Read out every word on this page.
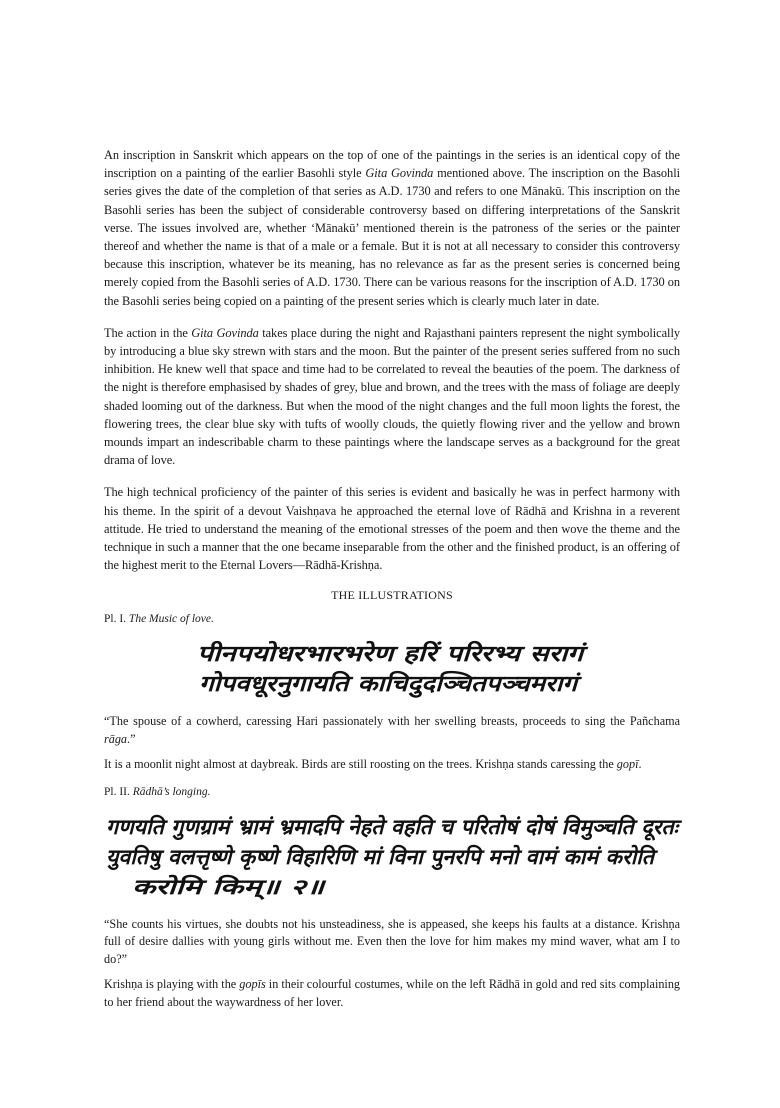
An inscription in Sanskrit which appears on the top of one of the paintings in the series is an identical copy of the inscription on a painting of the earlier Basohli style Gita Govinda mentioned above. The inscription on the Basohli series gives the date of the completion of that series as A.D. 1730 and refers to one Mānakū. This inscription on the Basohli series has been the subject of considerable controversy based on differing interpretations of the Sanskrit verse. The issues involved are, whether ‘Mānakū’ mentioned therein is the patroness of the series or the painter thereof and whether the name is that of a male or a female. But it is not at all necessary to consider this controversy because this inscription, whatever be its meaning, has no relevance as far as the present series is concerned being merely copied from the Basohli series of A.D. 1730. There can be various reasons for the inscription of A.D. 1730 on the Basohli series being copied on a painting of the present series which is clearly much later in date.

The action in the Gita Govinda takes place during the night and Rajasthani painters represent the night symbolically by introducing a blue sky strewn with stars and the moon. But the painter of the present series suffered from no such inhibition. He knew well that space and time had to be correlated to reveal the beauties of the poem. The darkness of the night is therefore emphasised by shades of grey, blue and brown, and the trees with the mass of foliage are deeply shaded looming out of the darkness. But when the mood of the night changes and the full moon lights the forest, the flowering trees, the clear blue sky with tufts of woolly clouds, the quietly flowing river and the yellow and brown mounds impart an indescribable charm to these paintings where the landscape serves as a background for the great drama of love.

The high technical proficiency of the painter of this series is evident and basically he was in perfect harmony with his theme. In the spirit of a devout Vaishṇava he approached the eternal love of Rādhā and Krishna in a reverent attitude. He tried to understand the meaning of the emotional stresses of the poem and then wove the theme and the technique in such a manner that the one became inseparable from the other and the finished product, is an offering of the highest merit to the Eternal Lovers—Rādhā-Krishṇa.

THE ILLUSTRATIONS
Pl. I. The Music of love.
पीनपयोधरभारभरेण हरिं परिरभ्य सरागं
गोपवधूरनुगायति काचिदुदञ्चितपञ्चमरागं

“The spouse of a cowherd, caressing Hari passionately with her swelling breasts, proceeds to sing the Pañchama rāga.”

It is a moonlit night almost at daybreak. Birds are still roosting on the trees. Krishṇa stands caressing the gopī.

Pl. II. Rādhā’s longing.
गणयति गुणग्रामं भ्रामं भ्रमादपि नेहते वहति च परितोषं दोषं विमुञ्चति दूरतः
युवतिषु वलत्तृष्णे कृष्णे विहारिणि मां विना पुनरपि मनो वामं कामं करोति
करोमि किम्॥ २॥

“She counts his virtues, she doubts not his unsteadiness, she is appeased, she keeps his faults at a distance. Krishṇa full of desire dallies with young girls without me. Even then the love for him makes my mind waver, what am I to do?”

Krishṇa is playing with the gopīs in their colourful costumes, while on the left Rādhā in gold and red sits complaining to her friend about the waywardness of her lover.
